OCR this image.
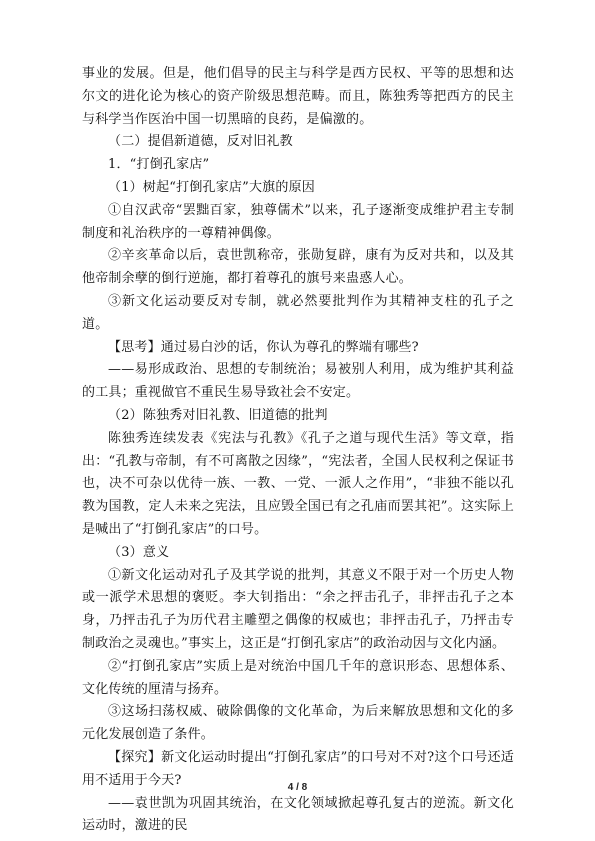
事业的发展。但是，他们倡导的民主与科学是西方民权、平等的思想和达尔文的进化论为核心的资产阶级思想范畴。而且，陈独秀等把西方的民主与科学当作医治中国一切黑暗的良药，是偏激的。

（二）提倡新道德，反对旧礼教

1．“打倒孔家店”

（1）树起“打倒孔家店”大旗的原因

①自汉武帝“罢黜百家，独尊儒术”以来，孔子逐渐变成维护君主专制制度和礼治秩序的一尊精神偶像。

②辛亥革命以后，袁世凯称帝，张勋复辟，康有为反对共和，以及其他帝制余孽的倒行逆施，都打着尊孔的旗号来蛊惑人心。

③新文化运动要反对专制，就必然要批判作为其精神支柱的孔子之道。

【思考】通过易白沙的话，你认为尊孔的弊端有哪些?

——易形成政治、思想的专制统治；易被别人利用，成为维护其利益的工具；重视做官不重民生易导致社会不安定。

（2）陈独秀对旧礼教、旧道德的批判

陈独秀连续发表《宪法与孔教》《孔子之道与现代生活》等文章，指出：“孔教与帝制，有不可离散之因缘”，“宪法者，全国人民权利之保证书也，决不可杂以优待一族、一教、一党、一派人之作用”，“非独不能以孔教为国教，定人未来之宪法，且应毁全国已有之孔庙而罢其祀”。这实际上是喊出了“打倒孔家店”的口号。

（3）意义

①新文化运动对孔子及其学说的批判，其意义不限于对一个历史人物或一派学术思想的褒贬。李大钊指出：“余之抨击孔子，非抨击孔子之本身，乃抨击孔子为历代君主雕塑之偶像的权威也；非抨击孔子，乃抨击专制政治之灵魂也。”事实上，这正是“打倒孔家店”的政治动因与文化内涵。

②“打倒孔家店”实质上是对统治中国几千年的意识形态、思想体系、文化传统的厘清与扬弃。

③这场扫荡权威、破除偶像的文化革命，为后来解放思想和文化的多元化发展创造了条件。

【探究】新文化运动时提出“打倒孔家店”的口号对不对?这个口号还适用不适用于今天?

——袁世凯为巩固其统治，在文化领域掀起尊孔复古的逆流。新文化运动时，激进的民

4 / 8
